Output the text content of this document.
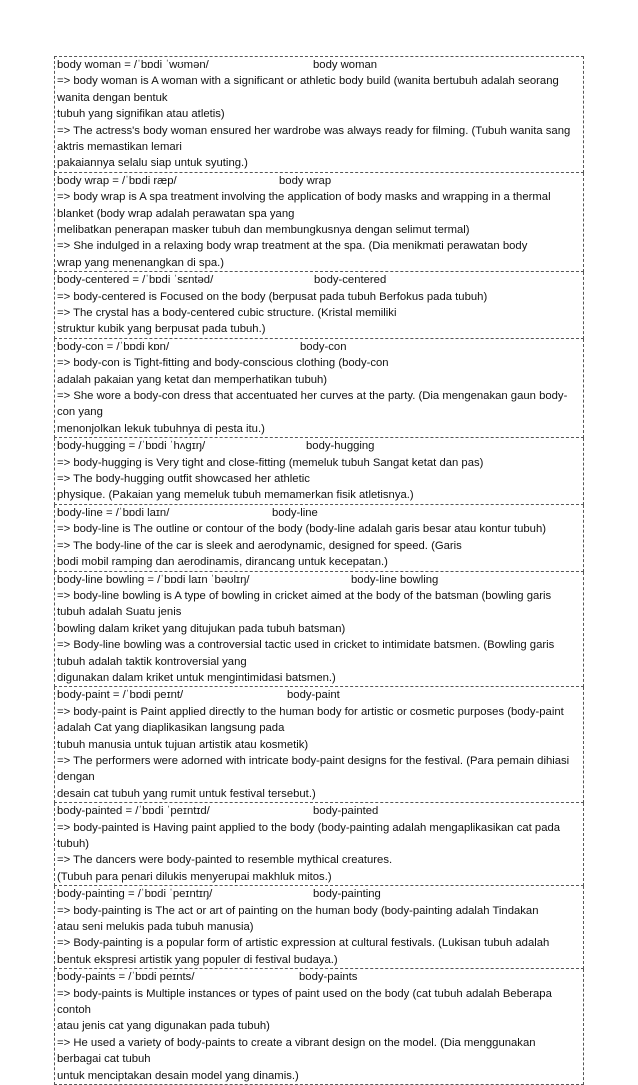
body woman = /ˈbɒdi ˈwʊmən/	body woman
=> body woman is A woman with a significant or athletic body build (wanita bertubuh adalah seorang wanita dengan bentuk
tubuh yang signifikan atau atletis)
=> The actress's body woman ensured her wardrobe was always ready for filming. (Tubuh wanita sang aktris memastikan lemari
pakaiannya selalu siap untuk syuting.)
body wrap = /ˈbɒdi ræp/	body wrap
=> body wrap is A spa treatment involving the application of body masks and wrapping in a thermal blanket (body wrap adalah perawatan spa yang
melibatkan penerapan masker tubuh dan membungkusnya dengan selimut termal)
=> She indulged in a relaxing body wrap treatment at the spa. (Dia menikmati perawatan body
wrap yang menenangkan di spa.)
body-centered = /ˈbɒdi ˈsɛntəd/	body-centered
=> body-centered is Focused on the body (berpusat pada tubuh Berfokus pada tubuh)
=> The crystal has a body-centered cubic structure. (Kristal memiliki
struktur kubik yang berpusat pada tubuh.)
body-con = /ˈbɒdi kɒn/	body-con
=> body-con is Tight-fitting and body-conscious clothing (body-con
adalah pakaian yang ketat dan memperhatikan tubuh)
=> She wore a body-con dress that accentuated her curves at the party. (Dia mengenakan gaun body-con yang
menonjolkan lekuk tubuhnya di pesta itu.)
body-hugging = /ˈbɒdi ˈhʌgɪŋ/	body-hugging
=> body-hugging is Very tight and close-fitting (memeluk tubuh Sangat ketat dan pas)
=> The body-hugging outfit showcased her athletic
physique. (Pakaian yang memeluk tubuh memamerkan fisik atletisnya.)
body-line = /ˈbɒdi laɪn/	body-line
=> body-line is The outline or contour of the body (body-line adalah garis besar atau kontur tubuh)
=> The body-line of the car is sleek and aerodynamic, designed for speed. (Garis
bodi mobil ramping dan aerodinamis, dirancang untuk kecepatan.)
body-line bowling = /ˈbɒdi laɪn ˈbəʊlɪŋ/	body-line bowling
=> body-line bowling is A type of bowling in cricket aimed at the body of the batsman (bowling garis tubuh adalah Suatu jenis
bowling dalam kriket yang ditujukan pada tubuh batsman)
=> Body-line bowling was a controversial tactic used in cricket to intimidate batsmen. (Bowling garis tubuh adalah taktik kontroversial yang
digunakan dalam kriket untuk mengintimidasi batsmen.)
body-paint = /ˈbɒdi peɪnt/	body-paint
=> body-paint is Paint applied directly to the human body for artistic or cosmetic purposes (body-paint adalah Cat yang diaplikasikan langsung pada
tubuh manusia untuk tujuan artistik atau kosmetik)
=> The performers were adorned with intricate body-paint designs for the festival. (Para pemain dihiasi dengan
desain cat tubuh yang rumit untuk festival tersebut.)
body-painted = /ˈbɒdi ˈpeɪntɪd/	body-painted
=> body-painted is Having paint applied to the body (body-painting adalah mengaplikasikan cat pada tubuh)
=> The dancers were body-painted to resemble mythical creatures.
(Tubuh para penari dilukis menyerupai makhluk mitos.)
body-painting = /ˈbɒdi ˈpeɪntɪŋ/	body-painting
=> body-painting is The act or art of painting on the human body (body-painting adalah Tindakan
atau seni melukis pada tubuh manusia)
=> Body-painting is a popular form of artistic expression at cultural festivals. (Lukisan tubuh adalah
bentuk ekspresi artistik yang populer di festival budaya.)
body-paints = /ˈbɒdi peɪnts/	body-paints
=> body-paints is Multiple instances or types of paint used on the body (cat tubuh adalah Beberapa contoh
atau jenis cat yang digunakan pada tubuh)
=> He used a variety of body-paints to create a vibrant design on the model. (Dia menggunakan berbagai cat tubuh
untuk menciptakan desain model yang dinamis.)
